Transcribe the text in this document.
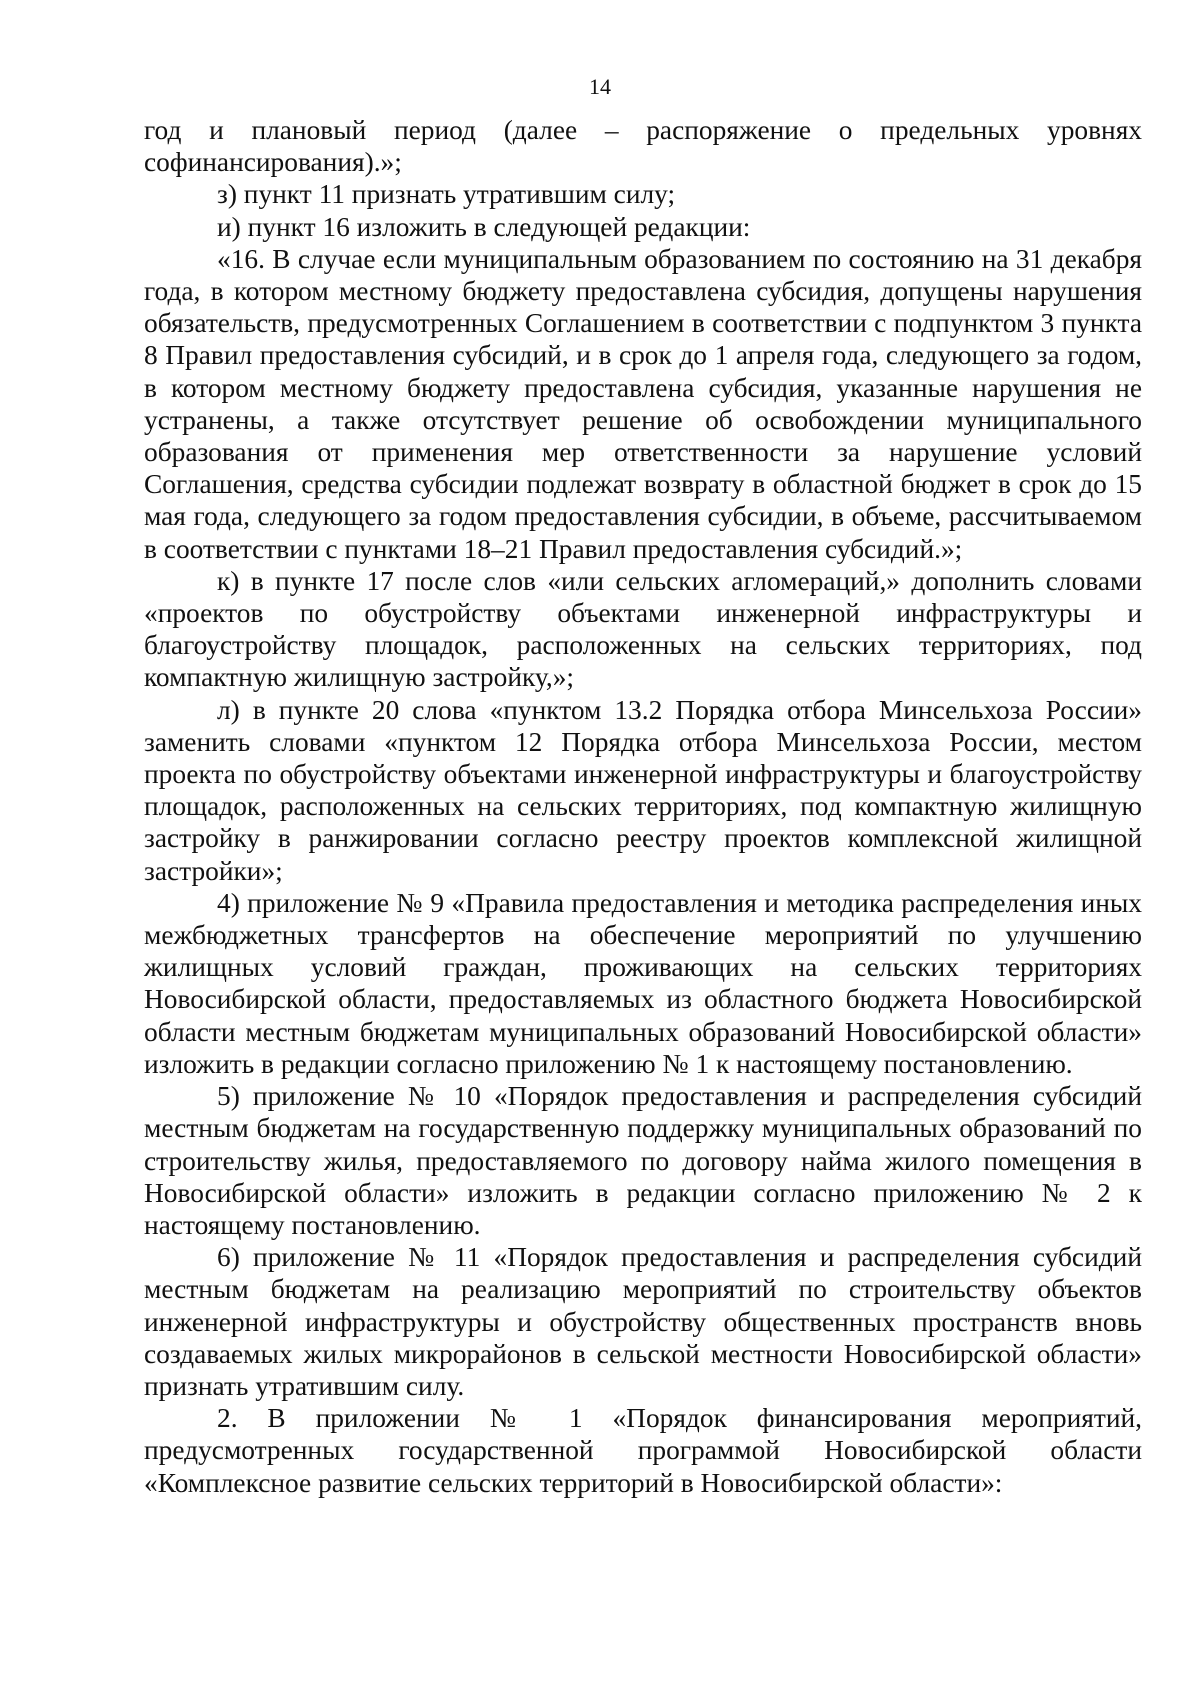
14

год и плановый период (далее – распоряжение о предельных уровнях софинансирования).»;

з) пункт 11 признать утратившим силу;

и) пункт 16 изложить в следующей редакции:

«16. В случае если муниципальным образованием по состоянию на 31 декабря года, в котором местному бюджету предоставлена субсидия, допущены нарушения обязательств, предусмотренных Соглашением в соответствии с подпунктом 3 пункта 8 Правил предоставления субсидий, и в срок до 1 апреля года, следующего за годом, в котором местному бюджету предоставлена субсидия, указанные нарушения не устранены, а также отсутствует решение об освобождении муниципального образования от применения мер ответственности за нарушение условий Соглашения, средства субсидии подлежат возврату в областной бюджет в срок до 15 мая года, следующего за годом предоставления субсидии, в объеме, рассчитываемом в соответствии с пунктами 18–21 Правил предоставления субсидий.»;

к) в пункте 17 после слов «или сельских агломераций,» дополнить словами «проектов по обустройству объектами инженерной инфраструктуры и благоустройству площадок, расположенных на сельских территориях, под компактную жилищную застройку,»;

л) в пункте 20 слова «пунктом 13.2 Порядка отбора Минсельхоза России» заменить словами «пунктом 12 Порядка отбора Минсельхоза России, местом проекта по обустройству объектами инженерной инфраструктуры и благоустройству площадок, расположенных на сельских территориях, под компактную жилищную застройку в ранжировании согласно реестру проектов комплексной жилищной застройки»;

4) приложение № 9 «Правила предоставления и методика распределения иных межбюджетных трансфертов на обеспечение мероприятий по улучшению жилищных условий граждан, проживающих на сельских территориях Новосибирской области, предоставляемых из областного бюджета Новосибирской области местным бюджетам муниципальных образований Новосибирской области» изложить в редакции согласно приложению № 1 к настоящему постановлению.

5) приложение № 10 «Порядок предоставления и распределения субсидий местным бюджетам на государственную поддержку муниципальных образований по строительству жилья, предоставляемого по договору найма жилого помещения в Новосибирской области» изложить в редакции согласно приложению № 2 к настоящему постановлению.

6) приложение № 11 «Порядок предоставления и распределения субсидий местным бюджетам на реализацию мероприятий по строительству объектов инженерной инфраструктуры и обустройству общественных пространств вновь создаваемых жилых микрорайонов в сельской местности Новосибирской области» признать утратившим силу.

2. В приложении № 1 «Порядок финансирования мероприятий, предусмотренных государственной программой Новосибирской области «Комплексное развитие сельских территорий в Новосибирской области»:
